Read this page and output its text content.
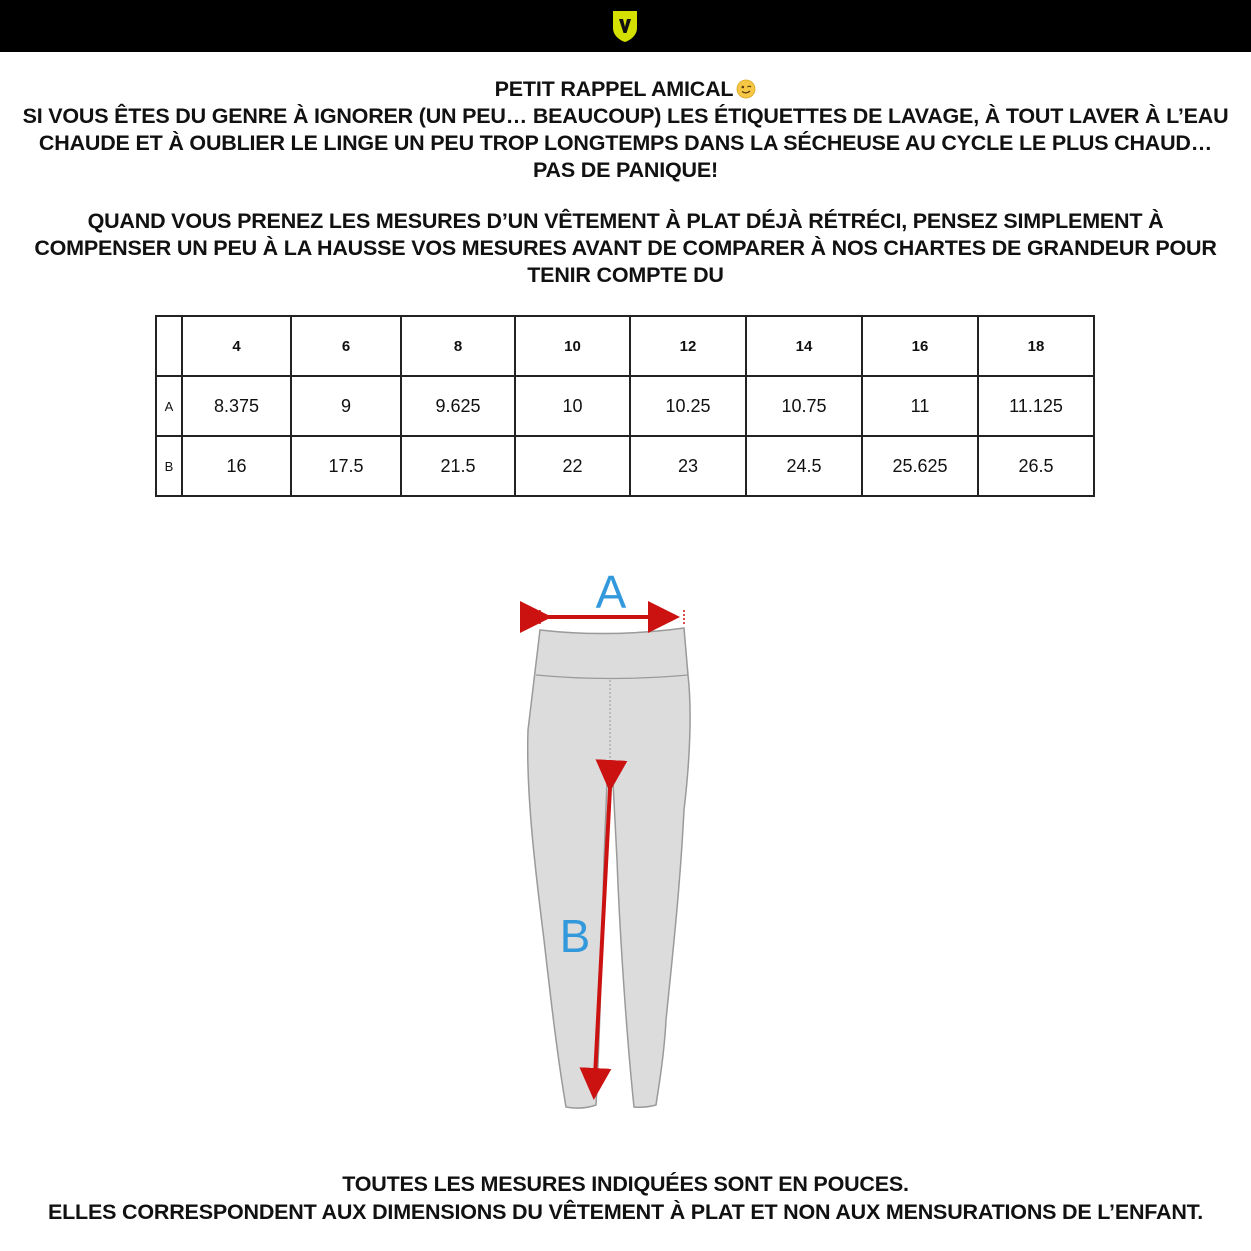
PETIT RAPPEL AMICAL

SI VOUS ÊTES DU GENRE À IGNORER (UN PEU… BEAUCOUP) LES ÉTIQUETTES DE LAVAGE, À TOUT LAVER À L’EAU CHAUDE ET À OUBLIER LE LINGE UN PEU TROP LONGTEMPS DANS LA SÉCHEUSE AU CYCLE LE PLUS CHAUD… PAS DE PANIQUE!

QUAND VOUS PRENEZ LES MESURES D’UN VÊTEMENT À PLAT DÉJÀ RÉTRÉCI, PENSEZ SIMPLEMENT À COMPENSER UN PEU À LA HAUSSE VOS MESURES AVANT DE COMPARER À NOS CHARTES DE GRANDEUR POUR TENIR COMPTE DU

	4	6	8	10	12	14	16	18
A	8.375	9	9.625	10	10.25	10.75	11	11.125
B	16	17.5	21.5	22	23	24.5	25.625	26.5
A
B

TOUTES LES MESURES INDIQUÉES SONT EN POUCES.

ELLES CORRESPONDENT AUX DIMENSIONS DU VÊTEMENT À PLAT ET NON AUX MENSURATIONS DE L’ENFANT.
